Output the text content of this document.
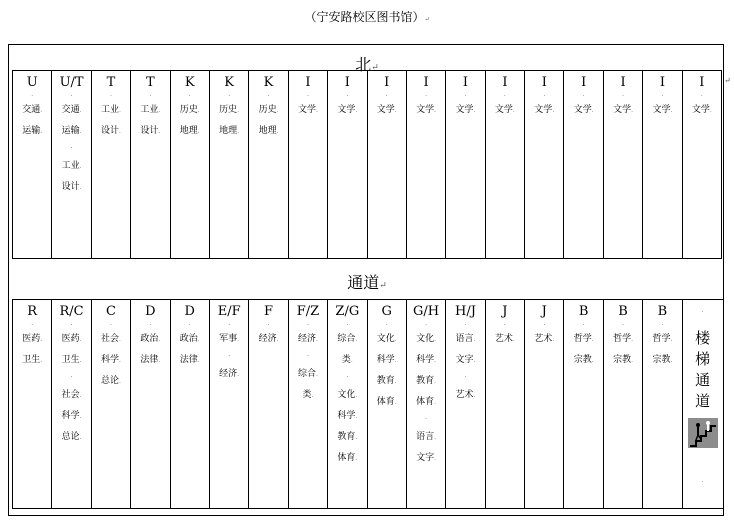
（宁安路校区图书馆）↵
北↵
U
.
交通.
运输.
U/T
.
交通.
运输.
.
工业.
设计.
T
.
工业.
设计.
T
.
工业.
设计.
K
.
历史.
地理.
K
.
历史.
地理.
K
.
历史.
地理.
I
.
文学.
I
.
文学.
I
.
文学.
I
.
文学.
I
.
文学.
I
.
文学.
I
.
文学.
I
.
文学.
I
.
文学.
I
.
文学.
I
.
文学.
通道↵
R
.
医药.
卫生.
R/C
.
医药.
卫生.
.
社会.
科学.
总论.
C
.
社会.
科学.
总论.
D
.
政治.
法律.
D
.
政治.
法律.
E/F
.
军事.
.
经济.
F
.
经济.
F/Z
.
经济.
.
综合.
类.
Z/G
.
综合.
类.
.
文化.
科学.
教育.
体育.
G
.
文化.
科学.
教育.
体育.
G/H
.
文化.
科学.
教育.
体育.
.
语言.
文字.
H/J
.
语言.
文字.
.
艺术.
J
.
艺术.
J
.
艺术.
B
.
哲学.
宗教.
B
.
哲学.
宗教.
B
.
哲学.
宗教.
.
楼
梯
通
道
.
↵
